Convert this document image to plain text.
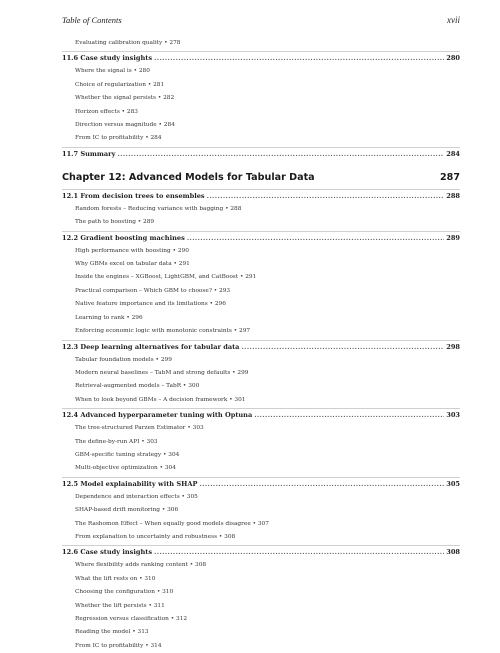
Table of Contents	xvii
Evaluating calibration quality • 278
11.6 Case study insights .....	280
Where the signal is • 280
Choice of regularization • 281
Whether the signal persists • 282
Horizon effects • 283
Direction versus magnitude • 284
From IC to profitability • 284
11.7 Summary .....	284
Chapter 12: Advanced Models for Tabular Data	287
12.1 From decision trees to ensembles .....	288
Random forests – Reducing variance with bagging • 288
The path to boosting • 289
12.2 Gradient boosting machines .....	289
High performance with boosting • 290
Why GBMs excel on tabular data • 291
Inside the engines – XGBoost, LightGBM, and CatBoost • 291
Practical comparison – Which GBM to choose? • 293
Native feature importance and its limitations • 296
Learning to rank • 296
Enforcing economic logic with monotonic constraints • 297
12.3 Deep learning alternatives for tabular data .....	298
Tabular foundation models • 299
Modern neural baselines – TabM and strong defaults • 299
Retrieval-augmented models – TabR • 300
When to look beyond GBMs – A decision framework • 301
12.4 Advanced hyperparameter tuning with Optuna .....	303
The tree-structured Parzen Estimator • 303
The define-by-run API • 303
GBM-specific tuning strategy • 304
Multi-objective optimization • 304
12.5 Model explainability with SHAP .....	305
Dependence and interaction effects • 305
SHAP-based drift monitoring • 306
The Rashomon Effect – When equally good models disagree • 307
From explanation to uncertainty and robustness • 308
12.6 Case study insights .....	308
Where flexibility adds ranking content • 308
What the lift rests on • 310
Choosing the configuration • 310
Whether the lift persists • 311
Regression versus classification • 312
Reading the model • 313
From IC to profitability • 314
